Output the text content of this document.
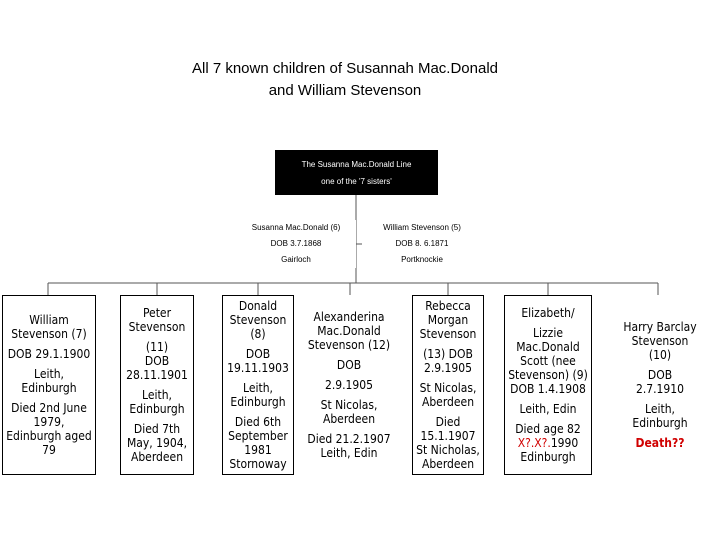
All 7 known children of Susannah Mac.Donald
and William Stevenson
The Susanna Mac.Donald Line
one of the '7 sisters'
Susanna Mac.Donald (6)
DOB 3.7.1868
Gairloch
William Stevenson (5)
DOB 8. 6.1871
Portknockie
William
Stevenson (7)
DOB 29.1.1900
Leith, Edinburgh
Died 2nd June
1979,
Edinburgh aged
79
Peter
Stevenson
(11)
DOB
28.11.1901
Leith,
Edinburgh
Died 7th
May, 1904,
Aberdeen
Donald
Stevenson
(8)
DOB
19.11.1903
Leith,
Edinburgh
Died 6th
September
1981
Stornoway
Alexanderina
Mac.Donald
Stevenson (12)
DOB
2.9.1905
St Nicolas,
Aberdeen
Died 21.2.1907
Leith, Edin
Rebecca
Morgan
Stevenson
(13) DOB
2.9.1905
St Nicolas,
Aberdeen
Died
15.1.1907
St Nicholas,
Aberdeen
Elizabeth/
Lizzie
Mac.Donald
Scott (nee
Stevenson) (9)
DOB 1.4.1908
Leith, Edin
Died age 82
X?.X?.1990
Edinburgh
Harry Barclay
Stevenson
(10)
DOB
2.7.1910
Leith,
Edinburgh
Death??
